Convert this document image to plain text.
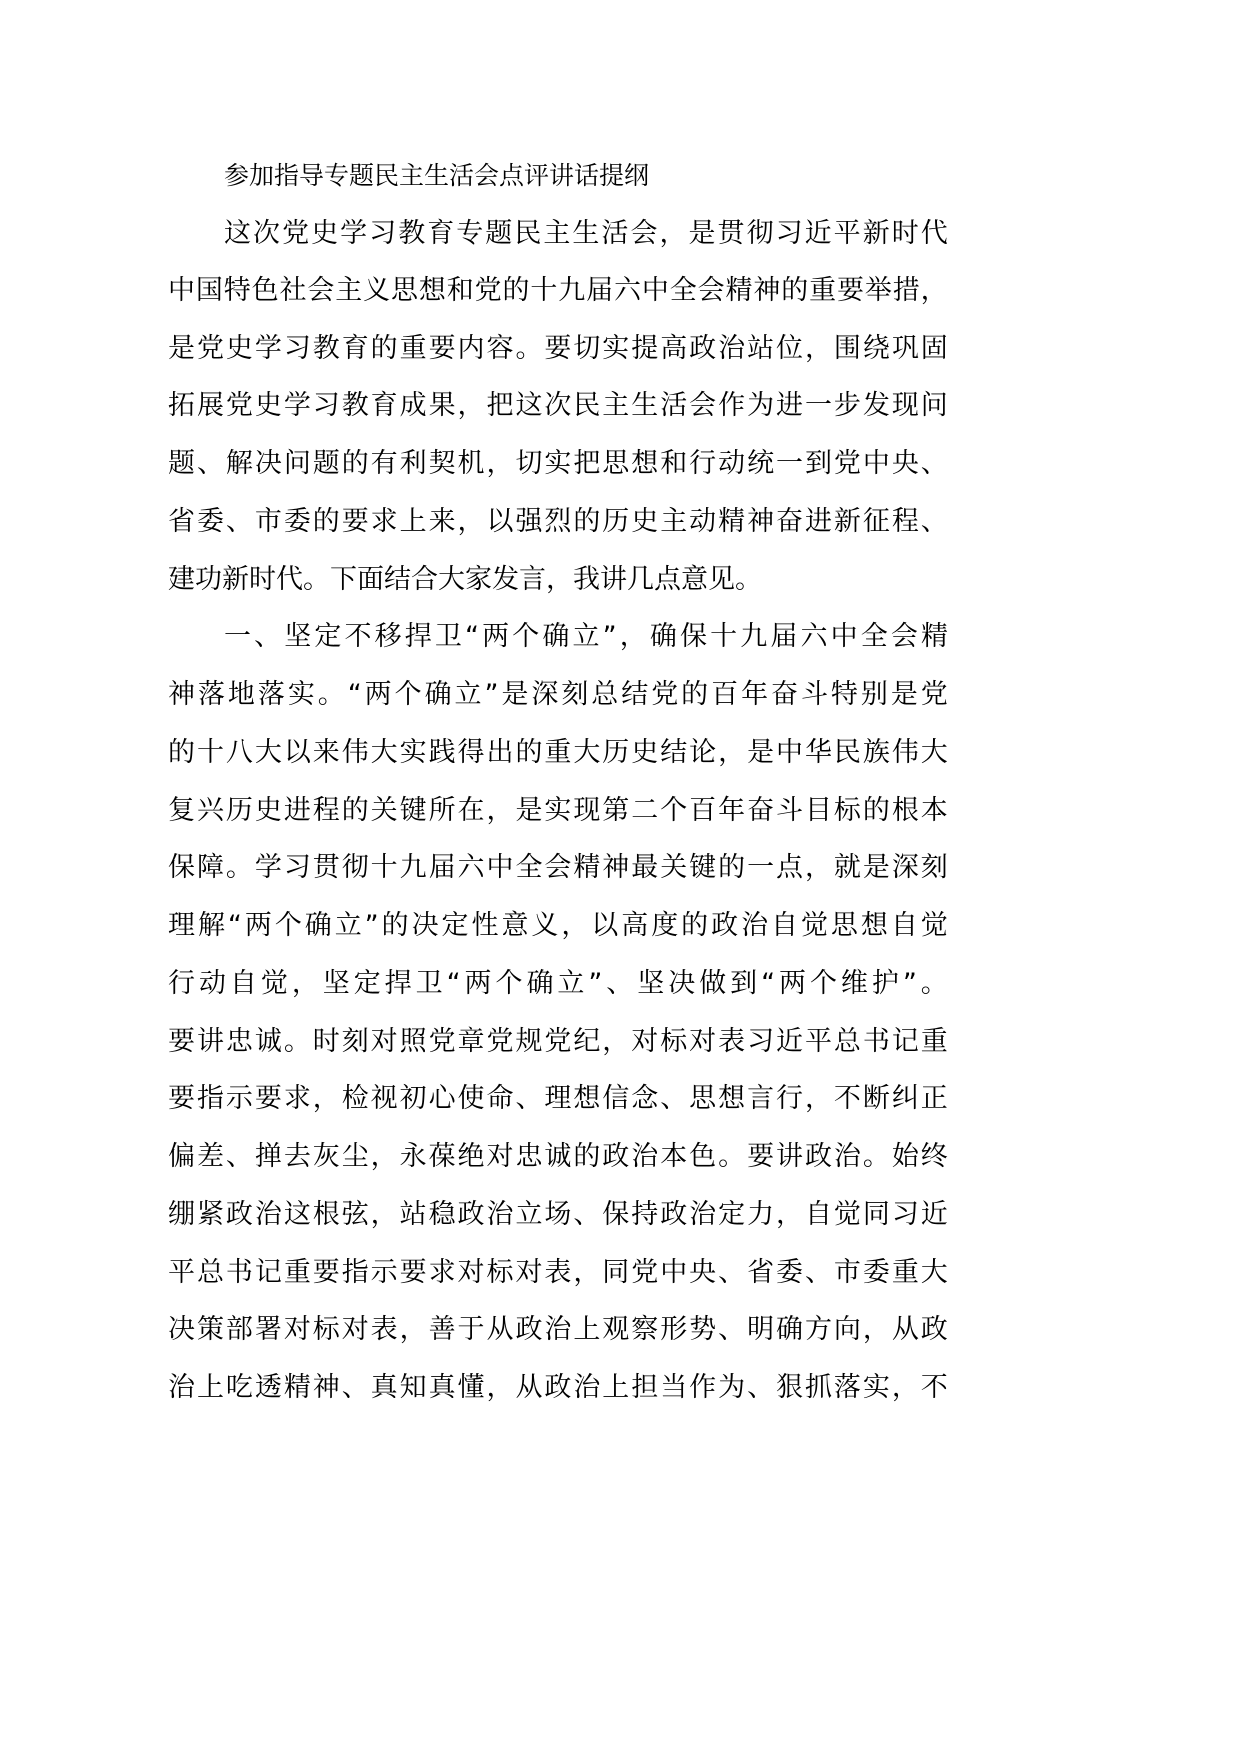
参加指导专题民主生活会点评讲话提纲
这 次 党 史 学 习 教 育 专 题 民 主 生 活 会 ， 是 贯 彻 习 近 平 新 时 代
中 国 特 色 社 会 主 义 思 想 和 党 的 十 九 届 六 中 全 会 精 神 的 重 要 举 措 ，
是 党 史 学 习 教 育 的 重 要 内 容 。 要 切 实 提 高 政 治 站 位 ， 围 绕 巩 固
拓 展 党 史 学 习 教 育 成 果 ， 把 这 次 民 主 生 活 会 作 为 进 一 步 发 现 问
题 、 解 决 问 题 的 有 利 契 机 ， 切 实 把 思 想 和 行 动 统 一 到 党 中 央 、
省 委 、 市 委 的 要 求 上 来 ， 以 强 烈 的 历 史 主 动 精 神 奋 进 新 征 程 、
建功新时代。下面结合大家发言，我讲几点意见。
一 、 坚 定 不 移 捍 卫 “ 两 个 确 立 ” ， 确 保 十 九 届 六 中 全 会 精
神 落 地 落 实 。 “ 两 个 确 立 ” 是 深 刻 总 结 党 的 百 年 奋 斗 特 别 是 党
的 十 八 大 以 来 伟 大 实 践 得 出 的 重 大 历 史 结 论 ， 是 中 华 民 族 伟 大
复 兴 历 史 进 程 的 关 键 所 在 ， 是 实 现 第 二 个 百 年 奋 斗 目 标 的 根 本
保 障 。 学 习 贯 彻 十 九 届 六 中 全 会 精 神 最 关 键 的 一 点 ， 就 是 深 刻
理 解 “ 两 个 确 立 ” 的 决 定 性 意 义 ， 以 高 度 的 政 治 自 觉 思 想 自 觉
行 动 自 觉 ， 坚 定 捍 卫 “ 两 个 确 立 ” 、 坚 决 做 到 “ 两 个 维 护 ” 。
要 讲 忠 诚 。 时 刻 对 照 党 章 党 规 党 纪 ， 对 标 对 表 习 近 平 总 书 记 重
要 指 示 要 求 ， 检 视 初 心 使 命 、 理 想 信 念 、 思 想 言 行 ， 不 断 纠 正
偏 差 、 掸 去 灰 尘 ， 永 葆 绝 对 忠 诚 的 政 治 本 色 。 要 讲 政 治 。 始 终
绷 紧 政 治 这 根 弦 ， 站 稳 政 治 立 场 、 保 持 政 治 定 力 ， 自 觉 同 习 近
平 总 书 记 重 要 指 示 要 求 对 标 对 表 ， 同 党 中 央 、 省 委 、 市 委 重 大
决 策 部 署 对 标 对 表 ， 善 于 从 政 治 上 观 察 形 势 、 明 确 方 向 ， 从 政
治 上 吃 透 精 神 、 真 知 真 懂 ， 从 政 治 上 担 当 作 为 、 狠 抓 落 实 ， 不
